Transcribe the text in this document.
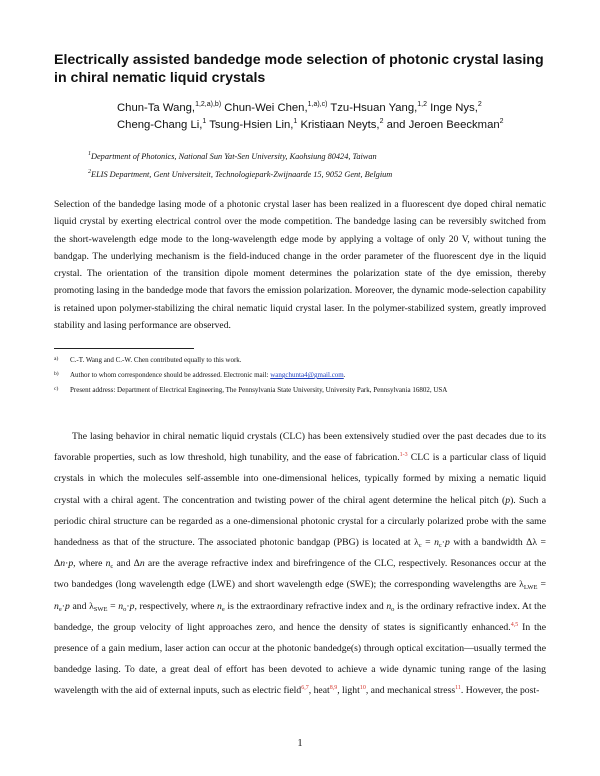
Electrically assisted bandedge mode selection of photonic crystal lasing in chiral nematic liquid crystals
Chun-Ta Wang,$^{1,2,a),b)}$ Chun-Wei Chen,$^{1,a),c)}$ Tzu-Hsuan Yang,$^{1,2}$ Inge Nys,$^2$
Cheng-Chang Li,$^1$ Tsung-Hsien Lin,$^1$ Kristiaan Neyts,$^2$ and Jeroen Beeckman$^2$
$^1$Department of Photonics, National Sun Yat-Sen University, Kaohsiung 80424, Taiwan
$^2$ELIS Department, Gent Universiteit, Technologiepark-Zwijnaarde 15, 9052 Gent, Belgium
Selection of the bandedge lasing mode of a photonic crystal laser has been realized in a fluorescent dye doped chiral nematic liquid crystal by exerting electrical control over the mode competition. The bandedge lasing can be reversibly switched from the short-wavelength edge mode to the long-wavelength edge mode by applying a voltage of only 20 V, without tuning the bandgap. The underlying mechanism is the field-induced change in the order parameter of the fluorescent dye in the liquid crystal. The orientation of the transition dipole moment determines the polarization state of the dye emission, thereby promoting lasing in the bandedge mode that favors the emission polarization. Moreover, the dynamic mode-selection capability is retained upon polymer-stabilizing the chiral nematic liquid crystal laser. In the polymer-stabilized system, greatly improved stability and lasing performance are observed.
a) C.-T. Wang and C.-W. Chen contributed equally to this work.
b) Author to whom correspondence should be addressed. Electronic mail: wangchunta4@gmail.com.
c) Present address: Department of Electrical Engineering, The Pennsylvania State University, University Park, Pennsylvania 16802, USA

The lasing behavior in chiral nematic liquid crystals (CLC) has been extensively studied over the past decades due to its favorable properties, such as low threshold, high tunability, and the ease of fabrication.$^{1-3}$ CLC is a particular class of liquid crystals in which the molecules self-assemble into one-dimensional helices, typically formed by mixing a nematic liquid crystal with a chiral agent. The concentration and twisting power of the chiral agent determine the helical pitch (p). Such a periodic chiral structure can be regarded as a one-dimensional photonic crystal for a circularly polarized probe with the same handedness as that of the structure. The associated photonic bandgap (PBG) is located at $\lambda_c = n_c\cdot p$ with a bandwidth Δλ = Δn·p, where $n_c$ and Δn are the average refractive index and birefringence of the CLC, respectively. Resonances occur at the two bandedges (long wavelength edge (LWE) and short wavelength edge (SWE); the corresponding wavelengths are $\lambda_{LWE} = n_e\cdot p$ and $\lambda_{SWE} = n_o\cdot p$, respectively, where $n_e$ is the extraordinary refractive index and $n_o$ is the ordinary refractive index. At the bandedge, the group velocity of light approaches zero, and hence the density of states is significantly enhanced.$^{4,5}$ In the presence of a gain medium, laser action can occur at the photonic bandedge(s) through optical excitation—usually termed the bandedge lasing. To date, a great deal of effort has been devoted to achieve a wide dynamic tuning range of the lasing wavelength with the aid of external inputs, such as electric field$^{6,7}$, heat$^{8,9}$, light$^{10}$, and mechanical stress$^{11}$. However, the post-

1
